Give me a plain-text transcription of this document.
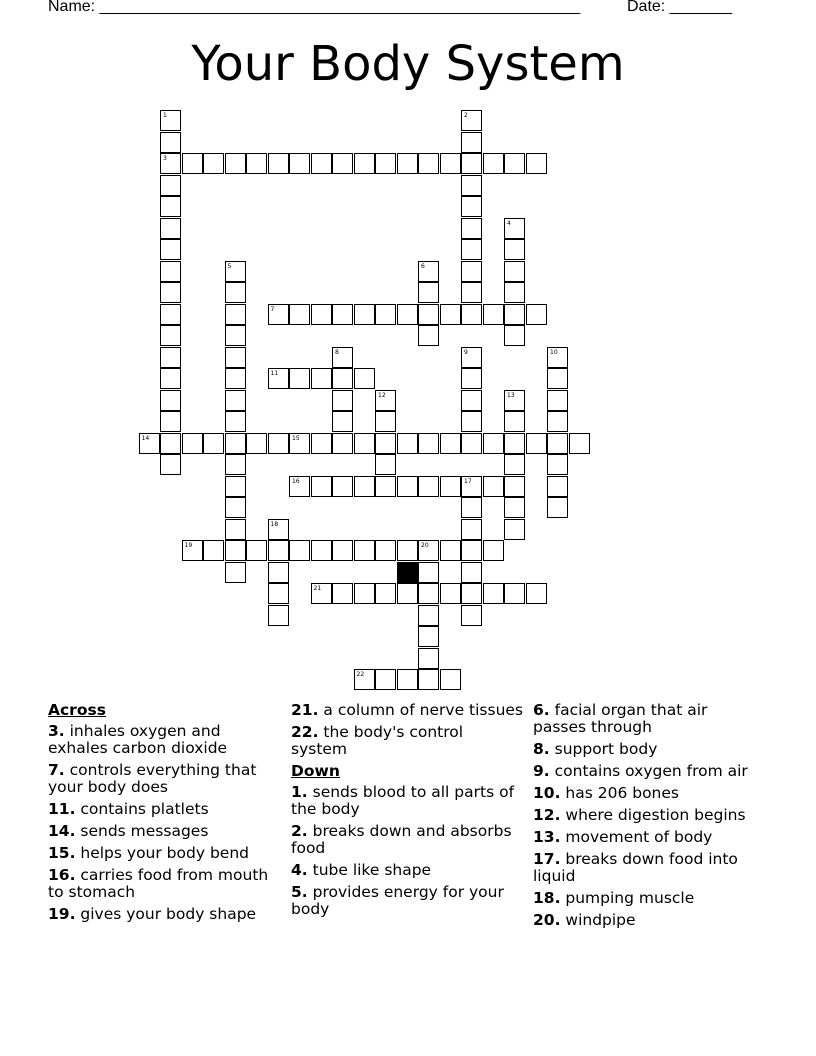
Name: ______________________________________________________	Date: _______
Your Body System
1
3
2
4
5	6
7
8	9	10
11
12	13
14	15
16	17
18
19	20
21
22
Across
3. inhales oxygen and exhales carbon dioxide
7. controls everything that your body does
11. contains platlets
14. sends messages
15. helps your body bend
16. carries food from mouth to stomach
19. gives your body shape
21. a column of nerve tissues
22. the body's control system
Down
1. sends blood to all parts of the body
2. breaks down and absorbs food
4. tube like shape
5. provides energy for your body
6. facial organ that air passes through
8. support body
9. contains oxygen from air
10. has 206 bones
12. where digestion begins
13. movement of body
17. breaks down food into liquid
18. pumping muscle
20. windpipe
